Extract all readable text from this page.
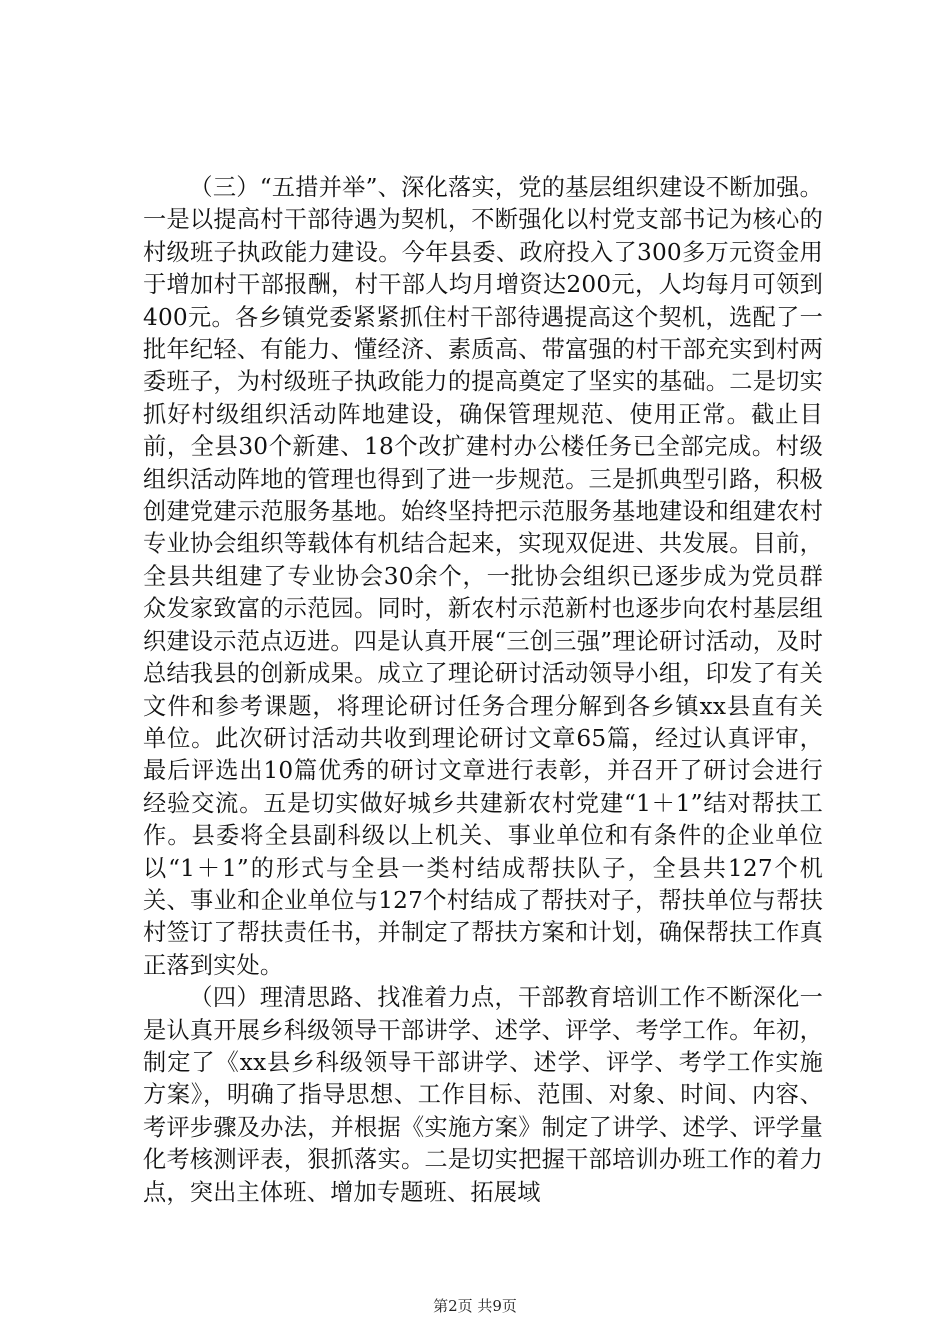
（三）“五措并举”、深化落实，党的基层组织建设不断加强。一是以提高村干部待遇为契机，不断强化以村党支部书记为核心的村级班子执政能力建设。今年县委、政府投入了300多万元资金用于增加村干部报酬，村干部人均月增资达200元，人均每月可领到400元。各乡镇党委紧紧抓住村干部待遇提高这个契机，选配了一批年纪轻、有能力、懂经济、素质高、带富强的村干部充实到村两委班子，为村级班子执政能力的提高奠定了坚实的基础。二是切实抓好村级组织活动阵地建设，确保管理规范、使用正常。截止目前，全县30个新建、18个改扩建村办公楼任务已全部完成。村级组织活动阵地的管理也得到了进一步规范。三是抓典型引路，积极创建党建示范服务基地。始终坚持把示范服务基地建设和组建农村专业协会组织等载体有机结合起来，实现双促进、共发展。目前，全县共组建了专业协会30余个，一批协会组织已逐步成为党员群众发家致富的示范园。同时，新农村示范新村也逐步向农村基层组织建设示范点迈进。四是认真开展“三创三强”理论研讨活动，及时总结我县的创新成果。成立了理论研讨活动领导小组，印发了有关文件和参考课题，将理论研讨任务合理分解到各乡镇xx县直有关单位。此次研讨活动共收到理论研讨文章65篇，经过认真评审，最后评选出10篇优秀的研讨文章进行表彰，并召开了研讨会进行经验交流。五是切实做好城乡共建新农村党建“1＋1”结对帮扶工作。县委将全县副科级以上机关、事业单位和有条件的企业单位以“1＋1”的形式与全县一类村结成帮扶队子，全县共127个机关、事业和企业单位与127个村结成了帮扶对子，帮扶单位与帮扶村签订了帮扶责任书，并制定了帮扶方案和计划，确保帮扶工作真正落到实处。

（四）理清思路、找准着力点，干部教育培训工作不断深化一是认真开展乡科级领导干部讲学、述学、评学、考学工作。年初，制定了《xx县乡科级领导干部讲学、述学、评学、考学工作实施方案》，明确了指导思想、工作目标、范围、对象、时间、内容、考评步骤及办法，并根据《实施方案》制定了讲学、述学、评学量化考核测评表，狠抓落实。二是切实把握干部培训办班工作的着力点，突出主体班、增加专题班、拓展域

第2页 共9页
